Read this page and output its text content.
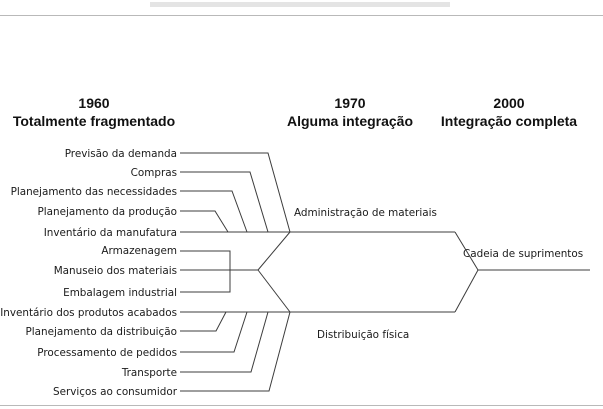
1960
Totalmente fragmentado
1970
Alguma integração
2000
Integração completa
Previsão da demanda
Compras
Planejamento das necessidades
Planejamento da produção
Inventário da manufatura
Armazenagem
Manuseio dos materiais
Embalagem industrial
Inventário dos produtos acabados
Planejamento da distribuição
Processamento de pedidos
Transporte
Serviços ao consumidor
Administração de materiais
Distribuição física
Cadeia de suprimentos
